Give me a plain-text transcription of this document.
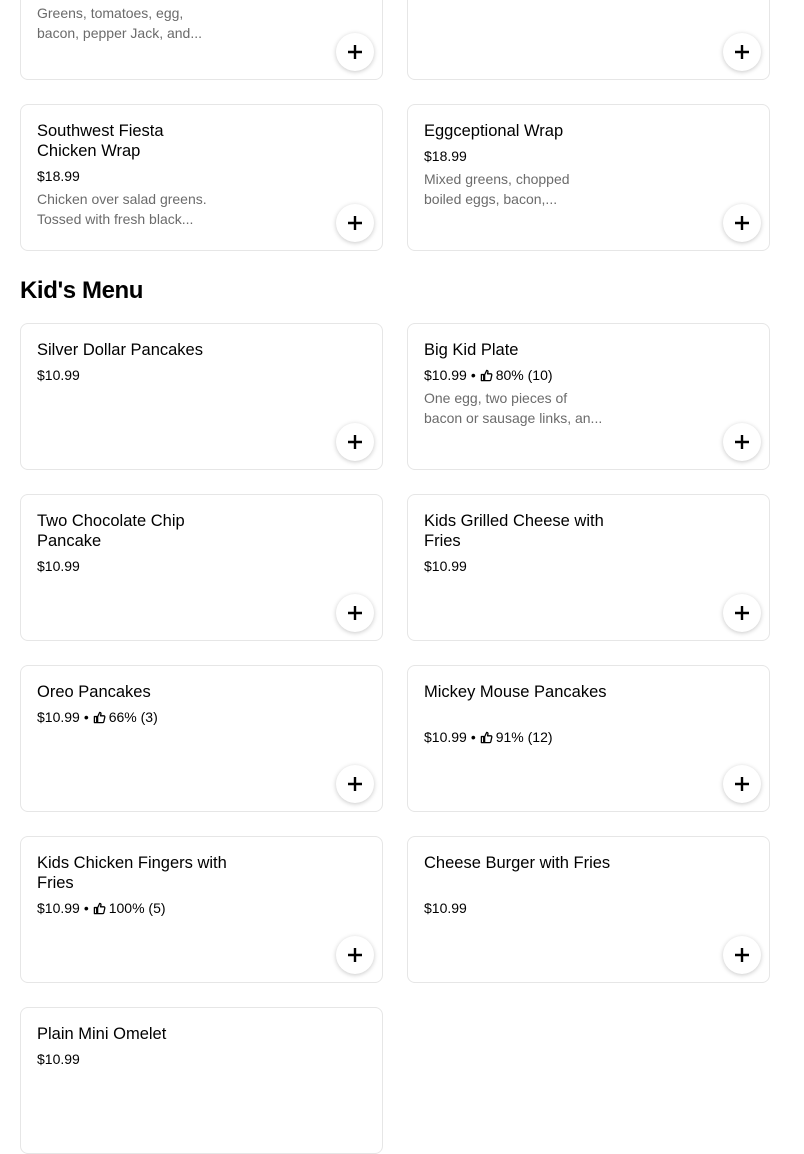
Greens, tomatoes, egg,
bacon, pepper Jack, and...
Southwest Fiesta Chicken Wrap
$18.99
Chicken over salad greens.
Tossed with fresh black...
Eggceptional Wrap
$18.99
Mixed greens, chopped
boiled eggs, bacon,...
Kid's Menu
Silver Dollar Pancakes
$10.99
Big Kid Plate
$10.99 • 80% (10)
One egg, two pieces of
bacon or sausage links, an...
Two Chocolate Chip Pancake
$10.99
Kids Grilled Cheese with Fries
$10.99
Oreo Pancakes
$10.99 • 66% (3)
Mickey Mouse Pancakes
$10.99 • 91% (12)
Kids Chicken Fingers with Fries
$10.99 • 100% (5)
Cheese Burger with Fries
$10.99
Plain Mini Omelet
$10.99
